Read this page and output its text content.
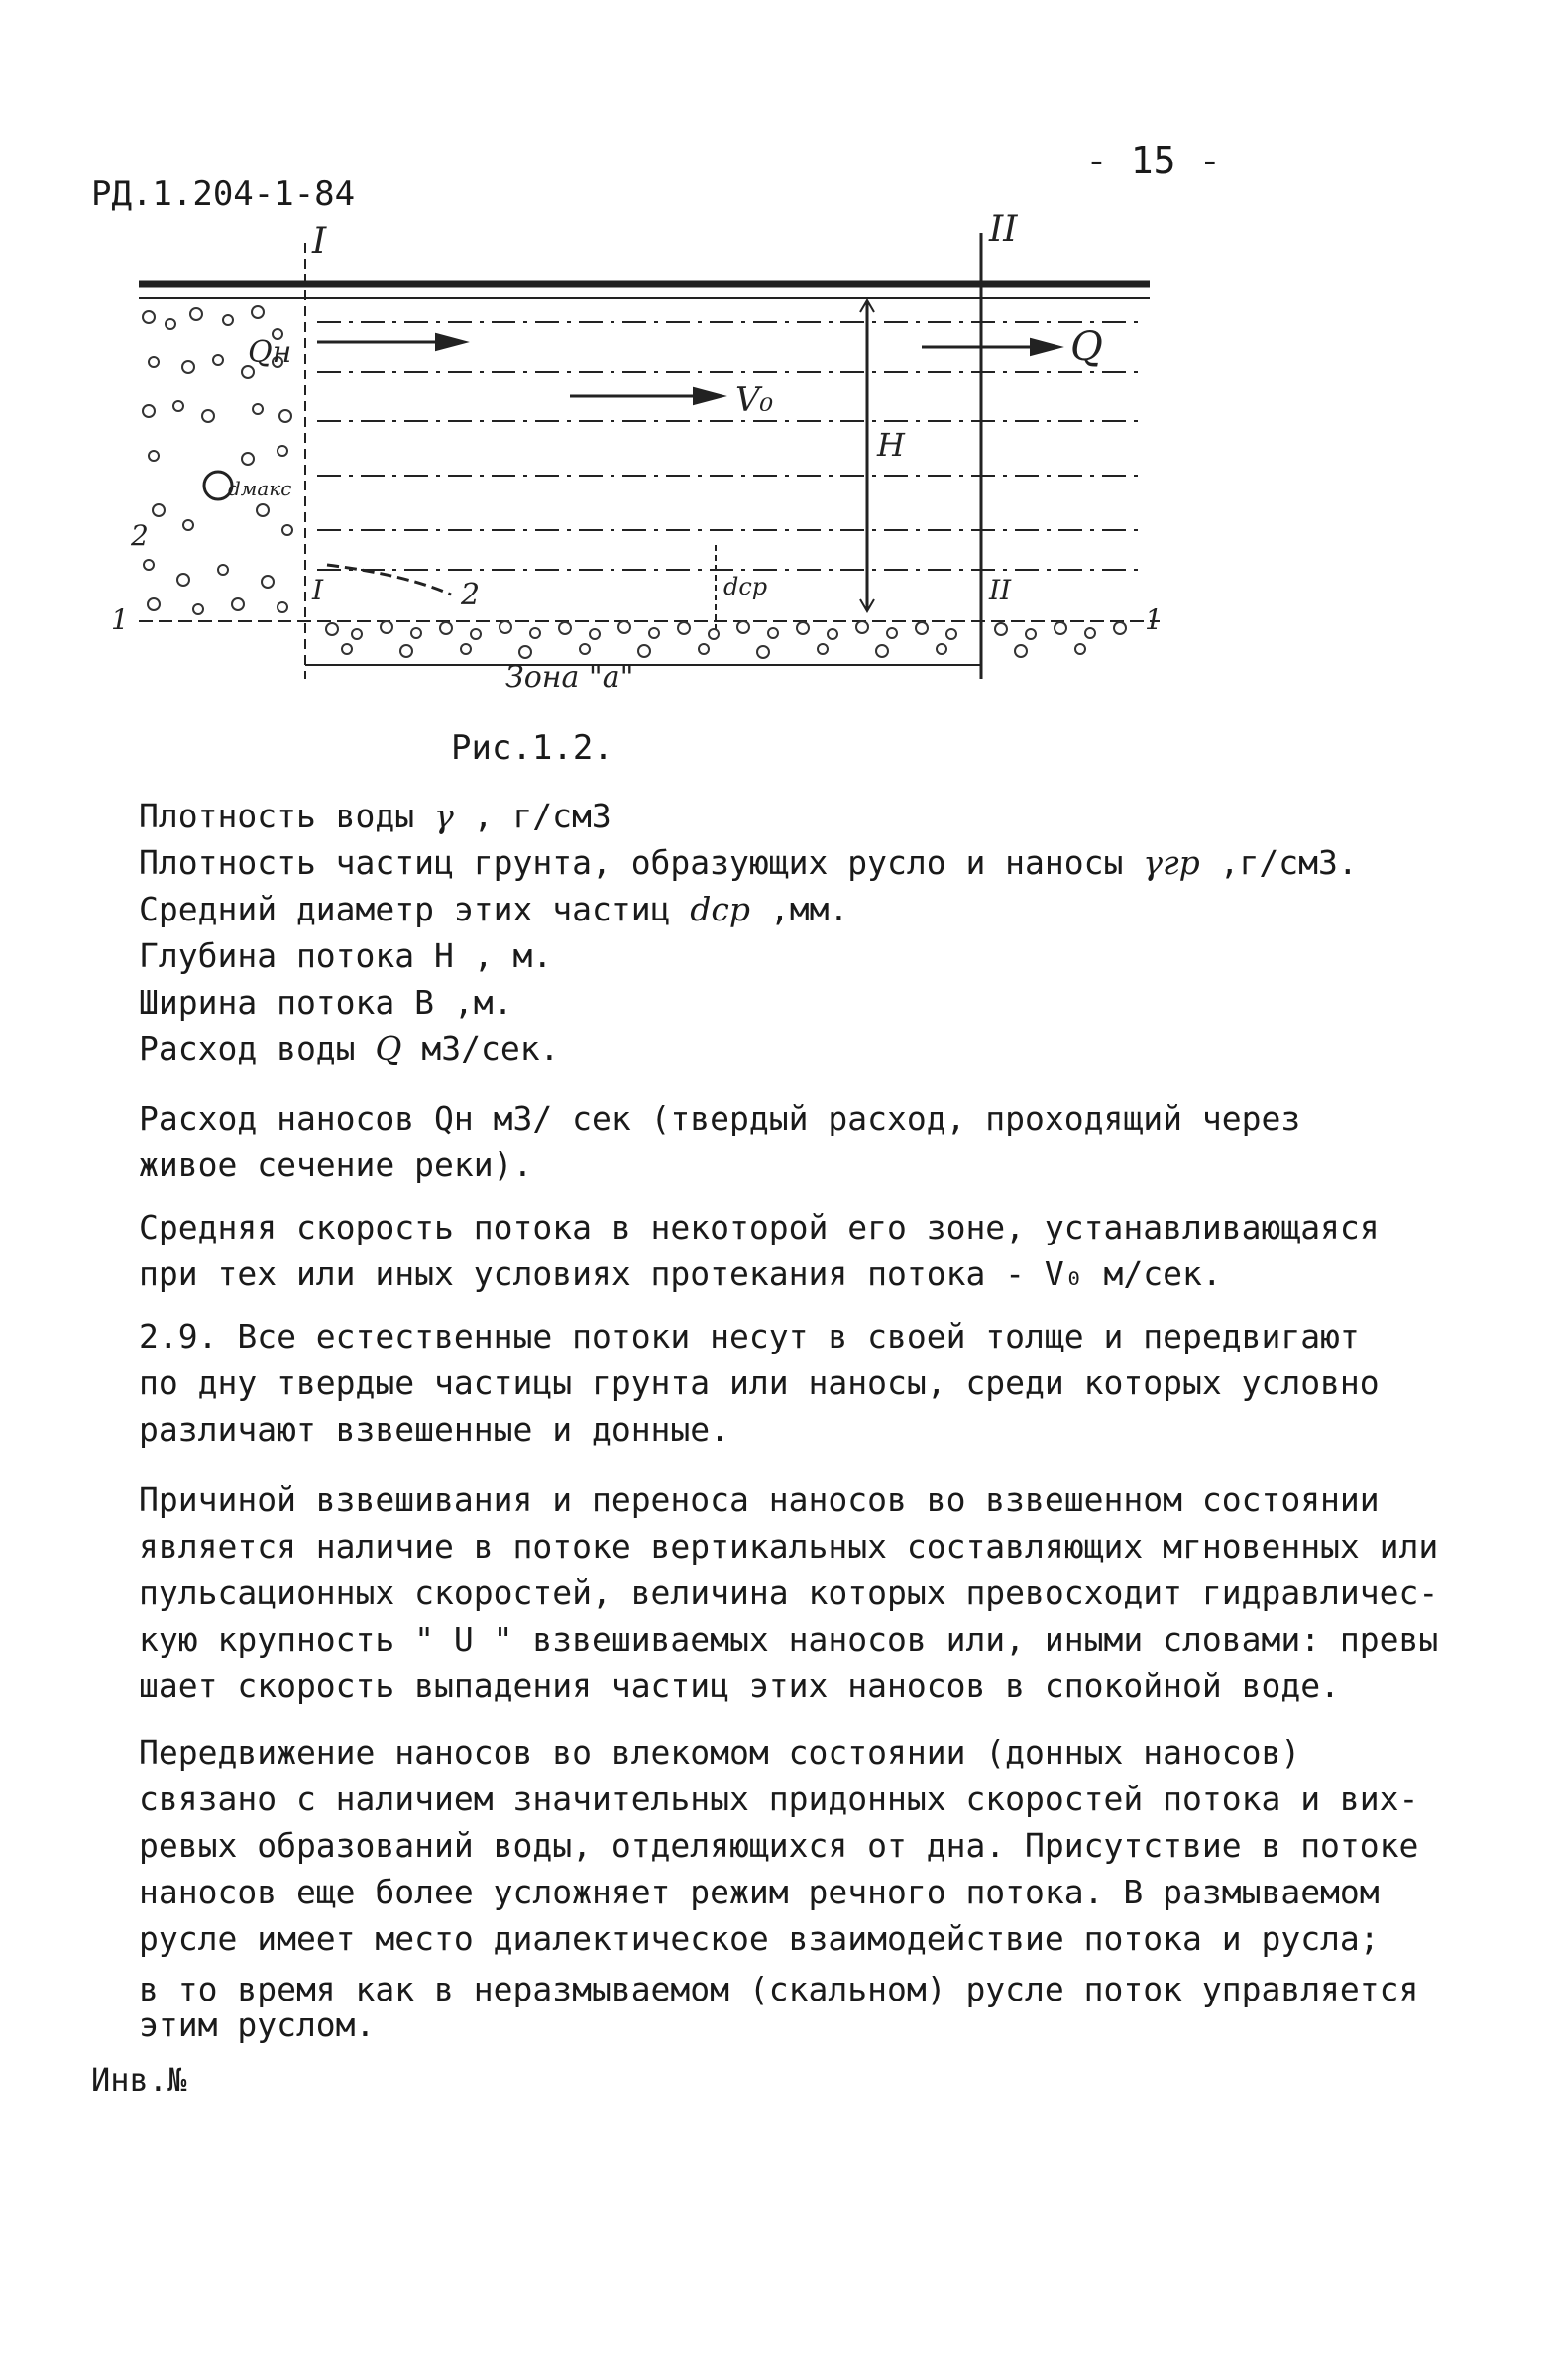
РД.1.204-1-84
- 15 -
I	II
Qн	Q
V₀
H
dмакс
dср
I	II
2
2
1	1
Зона "а"
Рис.1.2.
Плотность воды γ , г/см3
Плотность частиц грунта, образующих русло и наносы γгр ,г/см3.
Средний диаметр этих частиц dср ,мм.
Глубина потока Н , м.
Ширина потока В ,м.
Расход воды Q м3/сек.
Расход наносов Qн м3/ сек (твердый расход, проходящий через
живое сечение реки).
Средняя скорость потока в некоторой его зоне, устанавливающаяся
при тех или иных условиях протекания потока - V₀ м/сек.
2.9. Все естественные потоки несут в своей толще и передвигают
по дну твердые частицы грунта или наносы, среди которых условно
различают взвешенные и донные.
Причиной взвешивания и переноса наносов во взвешенном состоянии
является наличие в потоке вертикальных составляющих мгновенных или
пульсационных скоростей, величина которых превосходит гидравличес-
кую крупность " U " взвешиваемых наносов или, иными словами: превы
шает скорость выпадения частиц этих наносов в спокойной воде.
Передвижение наносов во влекомом состоянии (донных наносов)
связано с наличием значительных придонных скоростей потока и вих-
ревых образований воды, отделяющихся от дна. Присутствие в потоке
наносов еще более усложняет режим речного потока. В размываемом
русле имеет место диалектическое взаимодействие потока и русла;
в то время как в неразмываемом (скальном) русле поток управляется
этим руслом.
Инв.№
